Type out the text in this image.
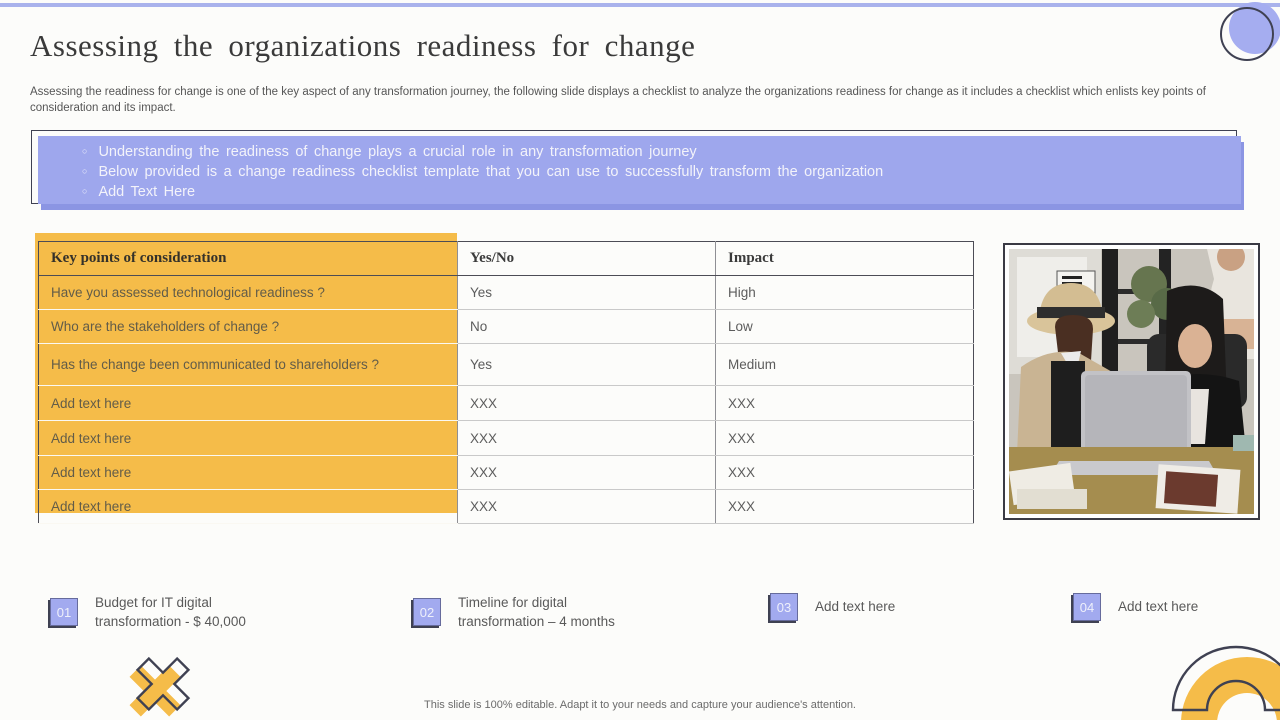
Assessing the organizations readiness for change

Assessing the readiness for change is one of the key aspect of any transformation journey, the following slide displays a checklist to analyze the organizations readiness for change as it includes a checklist which enlists key points of consideration and its impact.

○ Understanding the readiness of change plays a crucial role in any transformation journey
○ Below provided is a change readiness checklist template that you can use to successfully transform the organization
○ Add Text Here
Key points of consideration	Yes/No	Impact
Have you assessed technological readiness ?	Yes	High
Who are the stakeholders of change ?	No	Low
Has the change been communicated to shareholders ?	Yes	Medium
Add text here	XXX	XXX
Add text here	XXX	XXX
Add text here	XXX	XXX
Add text here	XXX	XXX
01
Budget for IT digital transformation - $ 40,000
02
Timeline for digital transformation – 4 months
03	Add text here	04	Add text here
This slide is 100% editable. Adapt it to your needs and capture your audience's attention.
